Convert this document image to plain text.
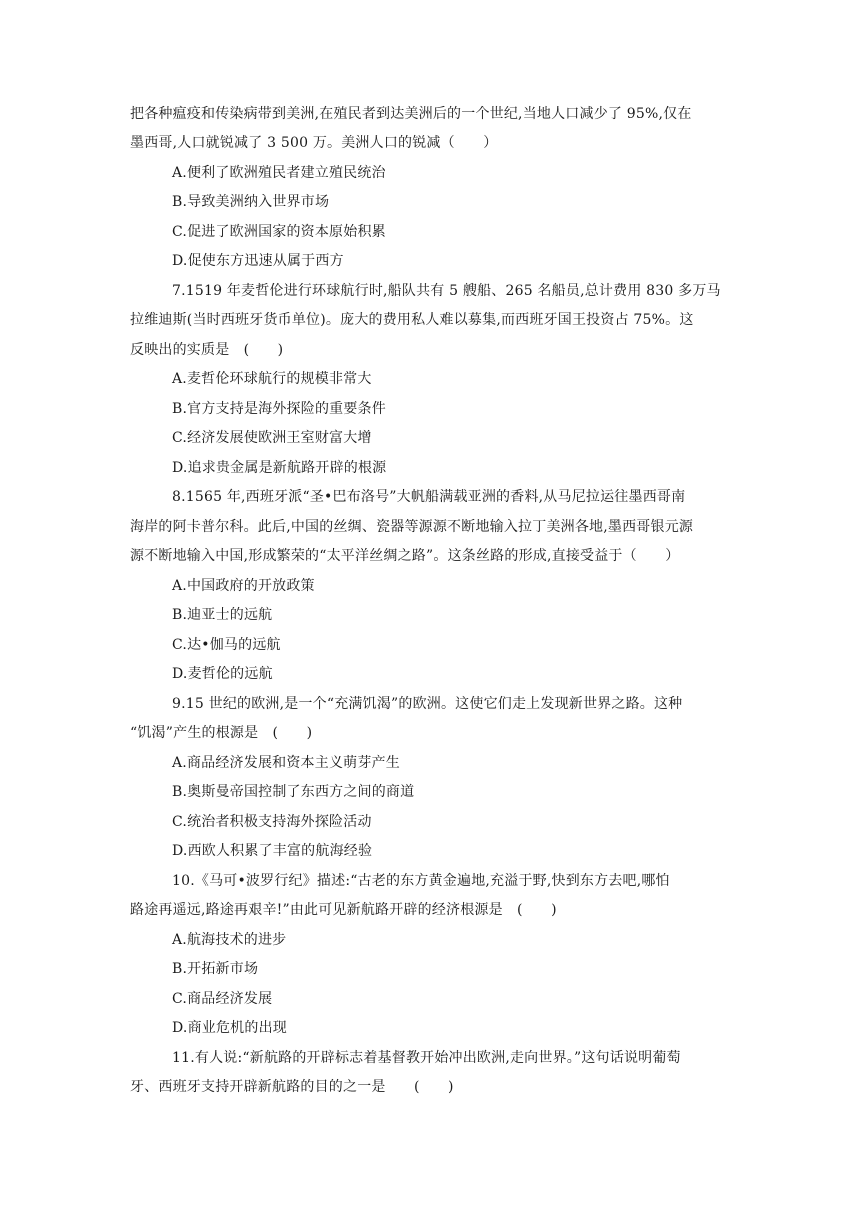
把各种瘟疫和传染病带到美洲,在殖民者到达美洲后的一个世纪,当地人口减少了 95%,仅在
墨西哥,人口就锐减了 3 500 万。美洲人口的锐减（　　）
A.便利了欧洲殖民者建立殖民统治
B.导致美洲纳入世界市场
C.促进了欧洲国家的资本原始积累
D.促使东方迅速从属于西方
7.1519 年麦哲伦进行环球航行时,船队共有 5 艘船、265 名船员,总计费用 830 多万马
拉维迪斯(当时西班牙货币单位)。庞大的费用私人难以募集,而西班牙国王投资占 75%。这
反映出的实质是　(　　)
A.麦哲伦环球航行的规模非常大
B.官方支持是海外探险的重要条件
C.经济发展使欧洲王室财富大增
D.追求贵金属是新航路开辟的根源
8.1565 年,西班牙派“圣•巴布洛号”大帆船满载亚洲的香料,从马尼拉运往墨西哥南
海岸的阿卡普尔科。此后,中国的丝绸、瓷器等源源不断地输入拉丁美洲各地,墨西哥银元源
源不断地输入中国,形成繁荣的“太平洋丝绸之路”。这条丝路的形成,直接受益于（　　）
A.中国政府的开放政策
B.迪亚士的远航
C.达•伽马的远航
D.麦哲伦的远航
9.15 世纪的欧洲,是一个“充满饥渴”的欧洲。这使它们走上发现新世界之路。这种
“饥渴”产生的根源是　(　　)
A.商品经济发展和资本主义萌芽产生
B.奥斯曼帝国控制了东西方之间的商道
C.统治者积极支持海外探险活动
D.西欧人积累了丰富的航海经验
10.《马可•波罗行纪》描述:“古老的东方黄金遍地,充溢于野,快到东方去吧,哪怕
路途再遥远,路途再艰辛!”由此可见新航路开辟的经济根源是　(　　)
A.航海技术的进步
B.开拓新市场
C.商品经济发展
D.商业危机的出现
11.有人说:“新航路的开辟标志着基督教开始冲出欧洲,走向世界。”这句话说明葡萄
牙、西班牙支持开辟新航路的目的之一是　　(　　)
